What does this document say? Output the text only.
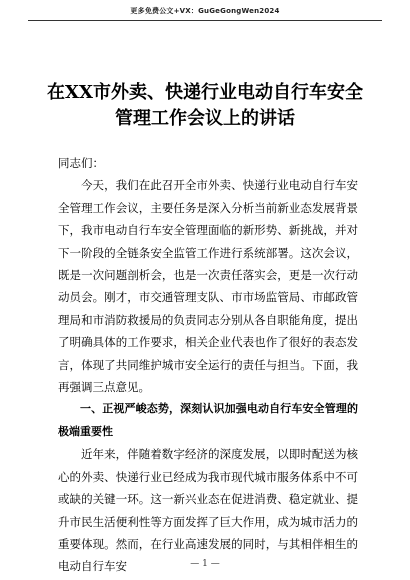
更多免费公文+VX：GuGeGongWen2024
在XX市外卖、快递行业电动自行车安全
管理工作会议上的讲话

同志们：

今天，我们在此召开全市外卖、快递行业电动自行车安全管理工作会议，主要任务是深入分析当前新业态发展背景下，我市电动自行车安全管理面临的新形势、新挑战，并对下一阶段的全链条安全监管工作进行系统部署。这次会议，既是一次问题剖析会，也是一次责任落实会，更是一次行动动员会。刚才，市交通管理支队、市市场监管局、市邮政管理局和市消防救援局的负责同志分别从各自职能角度，提出了明确具体的工作要求，相关企业代表也作了很好的表态发言，体现了共同维护城市安全运行的责任与担当。下面，我再强调三点意见。

一、正视严峻态势，深刻认识加强电动自行车安全管理的极端重要性

近年来，伴随着数字经济的深度发展，以即时配送为核心的外卖、快递行业已经成为我市现代城市服务体系中不可或缺的关键一环。这一新兴业态在促进消费、稳定就业、提升市民生活便利性等方面发挥了巨大作用，成为城市活力的重要体现。然而，在行业高速发展的同时，与其相伴相生的电动自行车安	— 1 —
